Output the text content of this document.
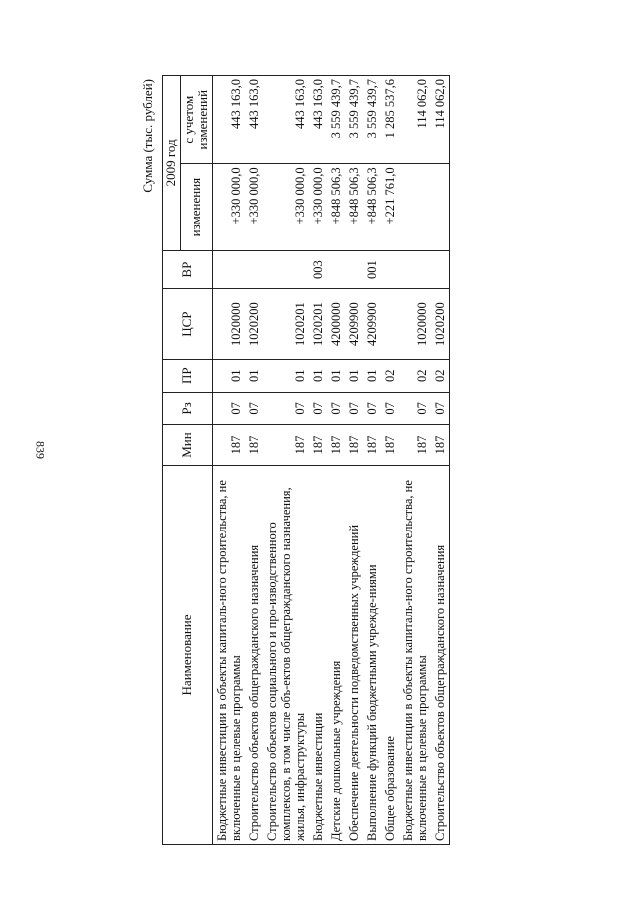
839
Сумма (тыс. рублей)
Наименование	Мин	Рз	ПР	ЦСР	ВР	2009 год	
						изменения	с учетом изменений
Бюджетные инвестиции в объекты капиталь-ного строительства, не включенные в целевые программы	187	07	01	1020000		+330 000,0	443 163,0
Строительство объектов общегражданского назначения	187	07	01	1020200		+330 000,0	443 163,0
Строительство объектов социального и про-изводственного комплексов, в том числе объ-ектов общегражданского назначения, жилья, инфраструктуры	187	07	01	1020201		+330 000,0	443 163,0
Бюджетные инвестиции	187	07	01	1020201	003	+330 000,0	443 163,0
Детские дошкольные учреждения	187	07	01	4200000		+848 506,3	3 559 439,7
Обеспечение деятельности подведомственных учреждений	187	07	01	4209900		+848 506,3	3 559 439,7
Выполнение функций бюджетными учрежде-ниями	187	07	01	4209900	001	+848 506,3	3 559 439,7
Общее образование	187	07	02			+221 761,0	1 285 537,6
Бюджетные инвестиции в объекты капиталь-ного строительства, не включенные в целевые программы	187	07	02	1020000			114 062,0
Строительство объектов общегражданского назначения	187	07	02	1020200			114 062,0
